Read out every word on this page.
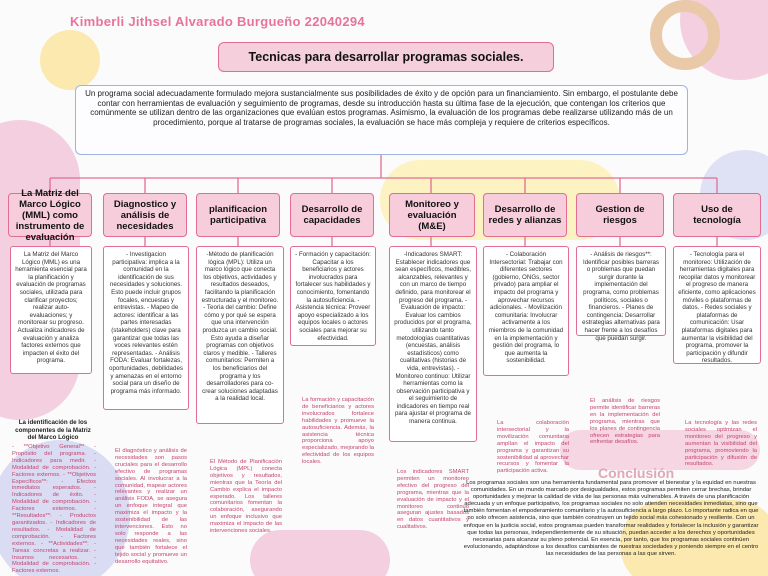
Kimberli Jithsel Alvarado Burgueño 22040294
Tecnicas para desarrollar programas sociales.
Un programa social adecuadamente formulado mejora sustancialmente sus posibilidades de éxito y de opción para un financiamiento. Sin embargo, el postulante debe contar con herramientas de evaluación y seguimiento de programas, desde su introducción hasta su última fase de la ejecución, que contengan los criterios que comúnmente se utilizan dentro de las organizaciones que evalúan estos programas. Asimismo, la evaluación de los programas debe realizarse utilizando más de un procedimiento, porque al tratarse de programas sociales, la evaluación se hace más compleja y requiere de criterios específicos.
La Matriz del Marco Lógico (MML) como instrumento de evaluación
Diagnostico y análisis de necesidades
planificacion participativa
Desarrollo de capacidades
Monitoreo y evaluación (M&E)
Desarrollo de redes y alianzas
Gestion de riesgos
Uso de tecnología
La Matriz del Marco Lógico (MML) es una herramienta esencial para la planificación y evaluación de programas sociales, utilizada para clarificar proyectos; realizar auto-evaluaciones; y monitorear su progreso. Actualiza indicadores de evaluación y analiza factores externos que impacten el éxito del programa.
- Investigacion participativa: implica a la comunidad en la identificación de sus necesidades y soluciones. Esto puede incluir grupos focales, encuestas y entrevistas. - Mapeo de actores: identificar a las partes interesadas (stakeholders) clave para garantizar que todas las voces relevantes estén representadas. - Análisis FODA: Evaluar fortalezas, oportunidades, debilidades y amenazas en el entorno social para un diseño de programa más informado.
-Método de planificación lógica (MPL): Utiliza un marco lógico que conecta los objetivos, actividades y resultados deseados, facilitando la planificación estructurada y el monitoreo. - Teoria del cambio: Define cómo y por qué se espera que una intervención produzca un cambio social. Esto ayuda a diseñar programas con objetivos claros y medible. - Talleres comunitarios: Permiten a los beneficiarios del programa y los desarrolladores para co-crear soluciones adaptadas a la realidad local.
- Formación y capacitación: Capacitar a los beneficiarios y actores involucrados para fortalecer sus habilidades y conocimiento, fomentando la autosuficiencia. - Asistencia técnica: Proveer apoyo especializado a los equipos locales o actores sociales para mejorar su efectividad.
-Indicadores SMART: Establecer indicadores que sean específicos, medibles, alcanzables, relevantes y con un marco de tiempo definido, para monitorear el progreso del programa. - Evaluación de impacto: Evaluar los cambios producidos por el programa, utilizando tanto metodologías cuantitativas (encuestas, análisis estadísticos) como cualitativas (historias de vida, entrevistas). - Monitoreo continuo: Utilizar herramientas como la observación participativa y el seguimiento de indicadores en tiempo real para ajustar el programa de manera continua.
- Colaboración Intersectorial: Trabajar con diferentes sectores (gobierno, ONGs, sector privado) para ampliar el impacto del programa y aprovechar recursos adicionales. - Movilización comunitaria: Involucrar activamente a los miembros de la comunidad en la implementación y gestión del programa, lo que aumenta la sostenibilidad.
- Análisis de riesgos**: Identificar posibles barreras o problemas que puedan surgir durante la implementación del programa, como problemas políticos, sociales o financieros. - Planes de contingencia: Desarrollar estrategias alternativas para hacer frente a los desafíos que puedan surgir.
- Tecnología para el monitoreo: Utilización de herramientas digitales para recopilar datos y monitorear el progreso de manera eficiente, como aplicaciones móviles o plataformas de datos. - Redes sociales y plataformas de comunicación: Usar plataformas digitales para aumentar la visibilidad del programa, promover la participación y difundir resultados.
La identificación de los componentes de la Matriz del Marco Lógico
- **Objetivo General** - Propósito del programa. - Indicadores para medir. - Modalidad de comprobación. - Factores externos. - **Objetivos Específicos**: - Efectos inmediatos esperados. - Indicadores de éxito. - Modalidad de comprobación. - Factores externos. - **Resultados**: - Productos garantizados. - Indicadores de resultados. - Modalidad de comprobación. - Factores externos. - **Actividades**: - Tareas concretas a realizar. - Insumos necesarios. - Modalidad de comprobación. - Factores externos.
El diagnóstico y análisis de necesidades son pasos cruciales para el desarrollo efectivo de programas sociales. Al involucrar a la comunidad, mapear actores relevantes y realizar un análisis FODA, se asegura un enfoque integral que maximiza el impacto y la sostenibilidad de las intervenciones. Esto no solo responde a las necesidades reales, sino que también fortalece el tejido social y promueve un desarrollo equitativo.
El Método de Planificación Lógica (MPL) conecta objetivos y resultados, mientras que la Teoría del Cambio explica el impacto esperado. Los talleres comunitarios fomentan la colaboración, asegurando un enfoque inclusivo que maximiza el impacto de las intervenciones sociales.
La formación y capacitación de beneficiarios y actores involucrados fortalece habilidades y promueve la autosuficiencia. Además, la asistencia técnica proporciona apoyo especializado, mejorando la efectividad de los equipos locales.
Los indicadores SMART permiten un monitoreo efectivo del progreso del programa, mientras que la evaluación de impacto y el monitoreo continuo aseguran ajustes basados en datos cuantitativos y cualitativos.
La colaboración intersectorial y la movilización comunitaria amplían el impacto del programa y garantizan su sostenibilidad al aprovechar recursos y fomentar la participación activa.
El análisis de riesgos permite identificar barreras en la implementación del programa, mientras que los planes de contingencia ofrecen estrategias para enfrentar desafíos.
La tecnología y las redes sociales optimizan el monitoreo del progreso y aumentan la visibilidad del programa, promoviendo la participación y difusión de resultados.
Conclusión
Los programas sociales son una herramienta fundamental para promover el bienestar y la equidad en nuestras comunidades. En un mundo marcado por desigualdades, estos programas permiten cerrar brechas, brindar oportunidades y mejorar la calidad de vida de las personas más vulnerables. A través de una planificación adecuada y un enfoque participativo, los programas sociales no solo atienden necesidades inmediatas, sino que también fomentan el empoderamiento comunitario y la autosuficiencia a largo plazo. Lo importante radica en que no solo ofrecen asistencia, sino que también construyen un tejido social más cohesionado y resiliente. Con un enfoque en la justicia social, estos programas pueden transformar realidades y fortalecer la inclusión y garantizar que todas las personas, independientemente de su situación, puedan acceder a los derechos y oportunidades necesarias para alcanzar su pleno potencial. En esencia, por tanto, que los programas sociales continúen evolucionando, adaptándose a los desafíos cambiantes de nuestras sociedades y poniendo siempre en el centro las necesidades de las personas a las que sirven.
